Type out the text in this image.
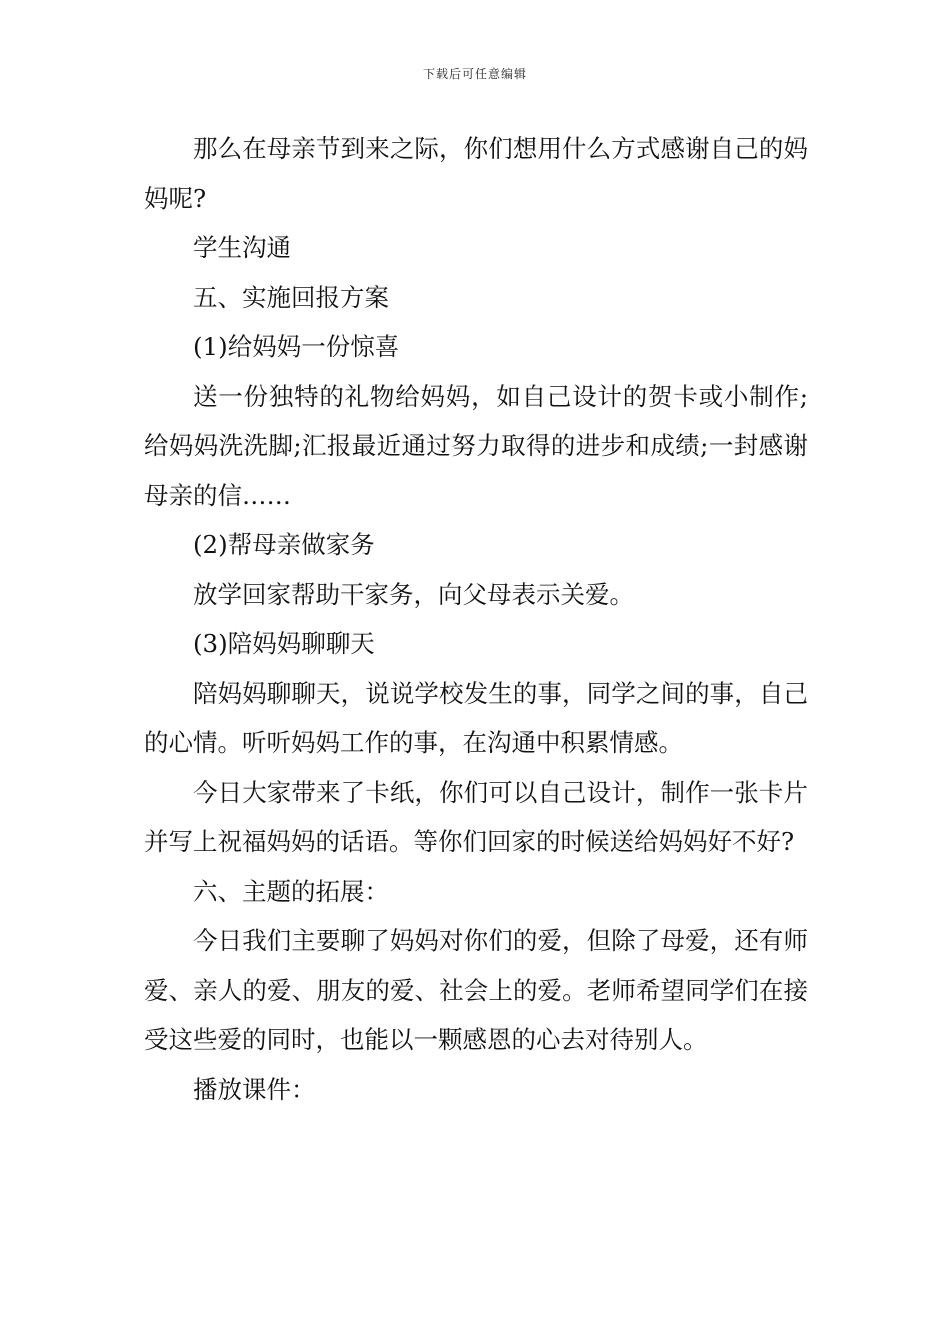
下载后可任意编辑

那么在母亲节到来之际，你们想用什么方式感谢自己的妈妈呢?

学生沟通

五、实施回报方案

(1)给妈妈一份惊喜

送一份独特的礼物给妈妈，如自己设计的贺卡或小制作;给妈妈洗洗脚;汇报最近通过努力取得的进步和成绩;一封感谢母亲的信……

(2)帮母亲做家务

放学回家帮助干家务，向父母表示关爱。

(3)陪妈妈聊聊天

陪妈妈聊聊天，说说学校发生的事，同学之间的事，自己的心情。听听妈妈工作的事，在沟通中积累情感。

今日大家带来了卡纸，你们可以自己设计，制作一张卡片并写上祝福妈妈的话语。等你们回家的时候送给妈妈好不好?

六、主题的拓展：

今日我们主要聊了妈妈对你们的爱，但除了母爱，还有师爱、亲人的爱、朋友的爱、社会上的爱。老师希望同学们在接受这些爱的同时，也能以一颗感恩的心去对待别人。

播放课件：
